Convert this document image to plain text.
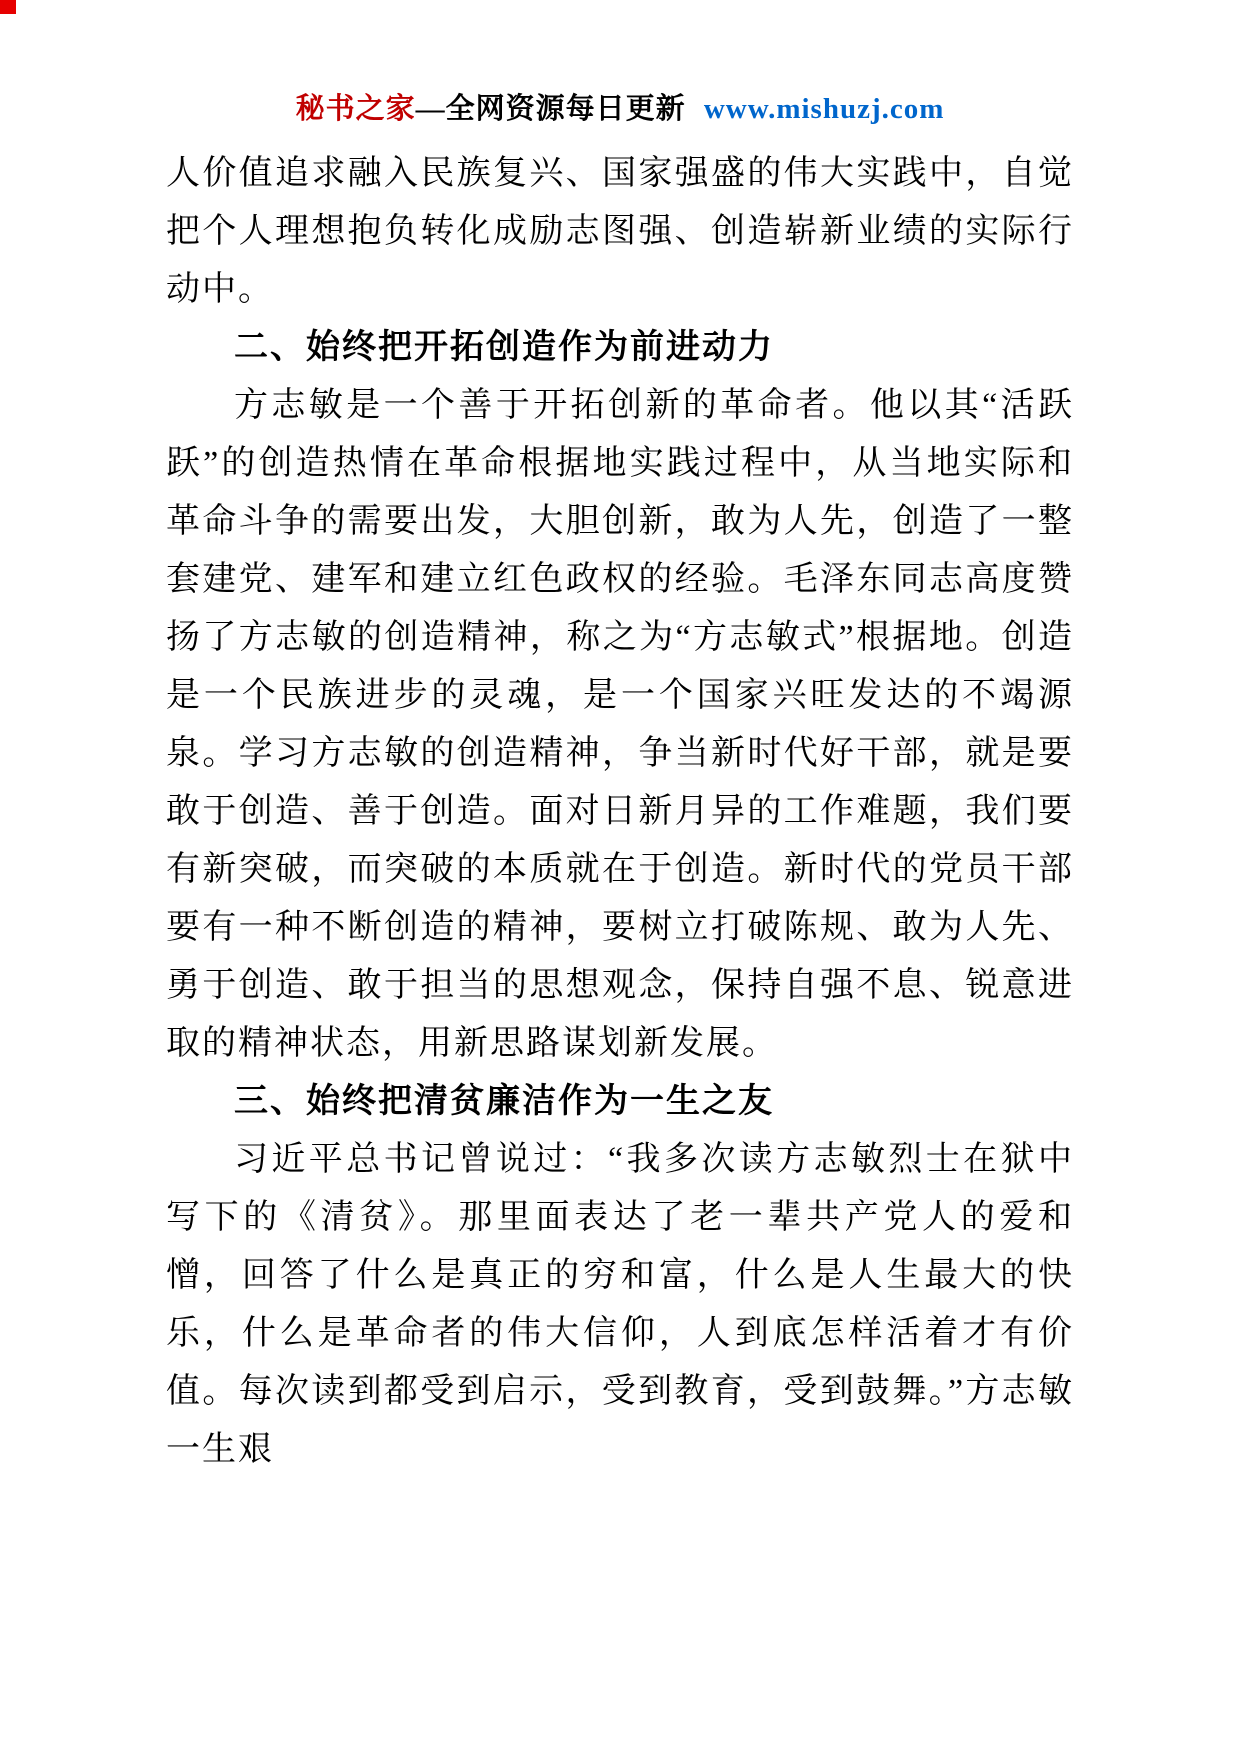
秘书之家—全网资源每日更新 www.mishuzj.com

人价值追求融入民族复兴、国家强盛的伟大实践中，自觉把个人理想抱负转化成励志图强、创造崭新业绩的实际行动中。

二、始终把开拓创造作为前进动力

方志敏是一个善于开拓创新的革命者。他以其“活跃跃”的创造热情在革命根据地实践过程中，从当地实际和革命斗争的需要出发，大胆创新，敢为人先，创造了一整套建党、建军和建立红色政权的经验。毛泽东同志高度赞扬了方志敏的创造精神，称之为“方志敏式”根据地。创造是一个民族进步的灵魂，是一个国家兴旺发达的不竭源泉。学习方志敏的创造精神，争当新时代好干部，就是要敢于创造、善于创造。面对日新月异的工作难题，我们要有新突破，而突破的本质就在于创造。新时代的党员干部要有一种不断创造的精神，要树立打破陈规、敢为人先、勇于创造、敢于担当的思想观念，保持自强不息、锐意进取的精神状态，用新思路谋划新发展。

三、始终把清贫廉洁作为一生之友

习近平总书记曾说过：“我多次读方志敏烈士在狱中写下的《清贫》。那里面表达了老一辈共产党人的爱和憎，回答了什么是真正的穷和富，什么是人生最大的快乐，什么是革命者的伟大信仰，人到底怎样活着才有价值。每次读到都受到启示，受到教育，受到鼓舞。”方志敏一生艰
